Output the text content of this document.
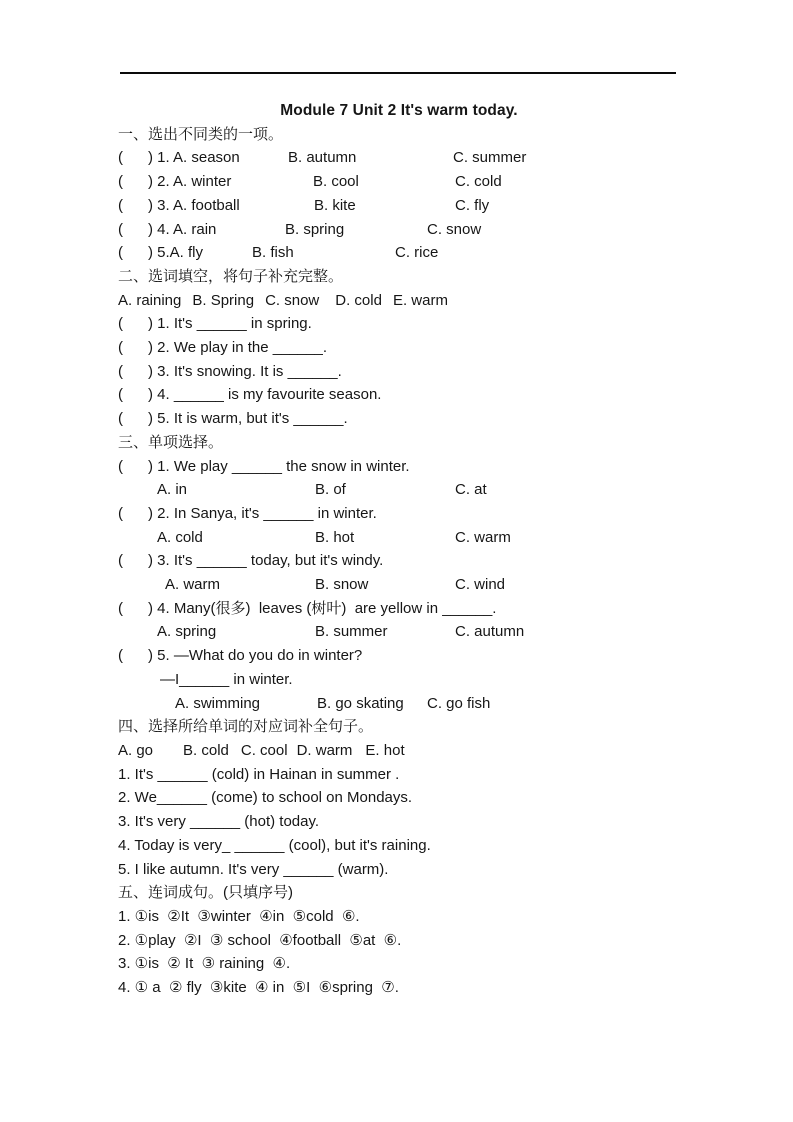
Module 7 Unit 2 It's warm today.
一、选出不同类的一项。
(      ) 1. A. season	B. autumn	C. summer
(      ) 2. A. winter	B. cool	C. cold
(      ) 3. A. football	B. kite	C. fly
(      ) 4. A. rain	B. spring	C. snow
(      ) 5.A. fly	B. fish	C. rice
二、选词填空，将句子补充完整。
A. raining B. Spring C. snow D. cold E. warm
(      ) 1. It's ______ in spring.
(      ) 2. We play in the ______.
(      ) 3. It's snowing. It is ______.
(      ) 4. ______ is my favourite season.
(      ) 5. It is warm, but it's ______.
三、单项选择。
(      ) 1. We play ______ the snow in winter.
A. in	B. of	C. at
(      ) 2. In Sanya, it's ______ in winter.
A. cold	B. hot	C. warm
(      ) 3. It's ______ today, but it's windy.
A. warm	B. snow	C. wind
(      ) 4. Many(很多)  leaves (树叶)  are yellow in ______.
A. spring	B. summer	C. autumn
(      ) 5. —What do you do in winter?
—I______ in winter.
A. swimming	B. go skating	C. go fish
四、选择所给单词的对应词补全句子。
A. go B. cold C. cool D. warm E. hot
1. It's ______ (cold) in Hainan in summer .
2. We______ (come) to school on Mondays.
3. It's very ______ (hot) today.
4. Today is very_ ______ (cool), but it's raining.
5. I like autumn. It's very ______ (warm).
五、连词成句。(只填序号)
1. ①is  ②It  ③winter  ④in  ⑤cold  ⑥.
2. ①play  ②I  ③ school  ④football  ⑤at  ⑥.
3. ①is  ② It  ③ raining  ④.
4. ① a  ② fly  ③kite  ④ in  ⑤I  ⑥spring  ⑦.
